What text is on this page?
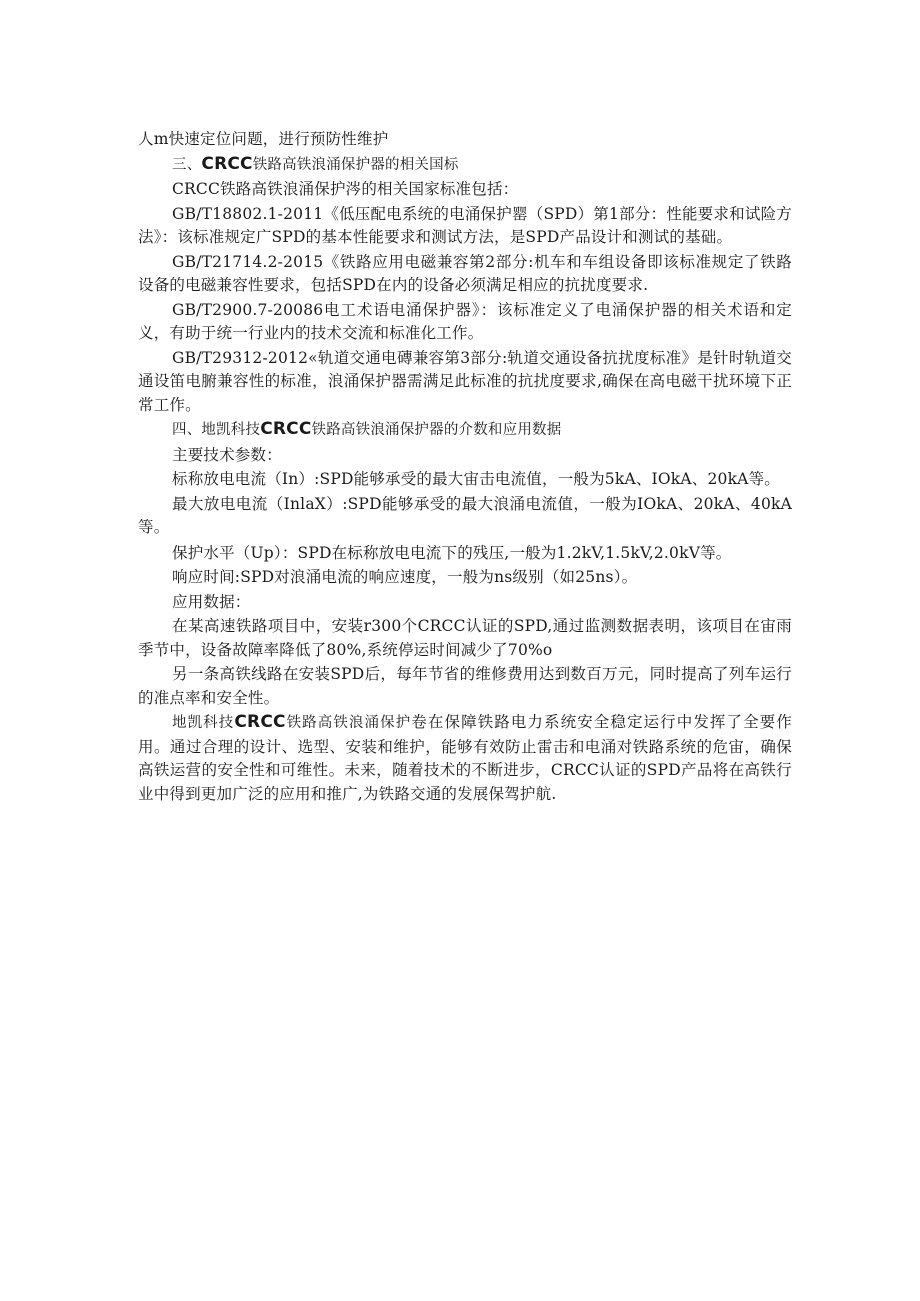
人m快速定位问题，进行预防性维护

三、CRCC铁路高铁浪涌保护器的相关国标

CRCC铁路高铁浪涌保护涔的相关国家标准包括：

GB/T18802.1-2011《低压配电系统的电涌保护罂（SPD）第1部分：性能要求和试险方法》：该标准规定广SPD的基本性能要求和测试方法，是SPD产品设计和测试的基础。

GB/T21714.2-2015《铁路应用电磁兼容第2部分:机车和车组设备即该标准规定了铁路设备的电磁兼容性要求，包括SPD在内的设备必须满足相应的抗扰度要求.

GB/T2900.7-20086电工术语电涌保护器》：该标准定义了电涌保护器的相关术语和定义，有助于统一行业内的技术交流和标准化工作。

GB/T29312-2012«轨道交通电磚兼容第3部分:轨道交通设备抗扰度标准》是针时轨道交通设笛电腑兼容性的标准，浪涌保护器需满足此标准的抗扰度要求,确保在高电磁干扰环境下正常工作。

四、地凯科技CRCC铁路高铁浪涌保护器的介数和应用数据

主要技术参数：

标称放电电流（In）:SPD能够承受的最大宙击电流值，一般为5kA、IOkA、20kA等。

最大放电电流（InlaX）:SPD能够承受的最大浪涌电流值，一般为IOkA、20kA、40kA等。

保护水平（Up）：SPD在标称放电电流下的残压,一般为1.2kV,1.5kV,2.0kV等。

响应时间:SPD对浪涌电流的响应速度，一般为ns级别（如25ns）。

应用数据：

在某高速铁路项目中，安装r300个CRCC认证的SPD,通过监测数据表明，该项目在宙雨季节中，设备故障率降低了80%,系统停运时间减少了70%o

另一条高铁线路在安装SPD后，每年节省的维修费用达到数百万元，同时提高了列车运行的准点率和安全性。

地凯科技CRCC铁路高铁浪涌保护卷在保障铁路电力系统安全稳定运行中发挥了全要作用。通过合理的设计、选型、安装和维护，能够有效防止雷击和电涌对铁路系统的危宙，确保高铁运营的安全性和可维性。未来，随着技术的不断进步，CRCC认证的SPD产品将在高铁行业中得到更加广泛的应用和推广,为铁路交通的发展保驾护航.
